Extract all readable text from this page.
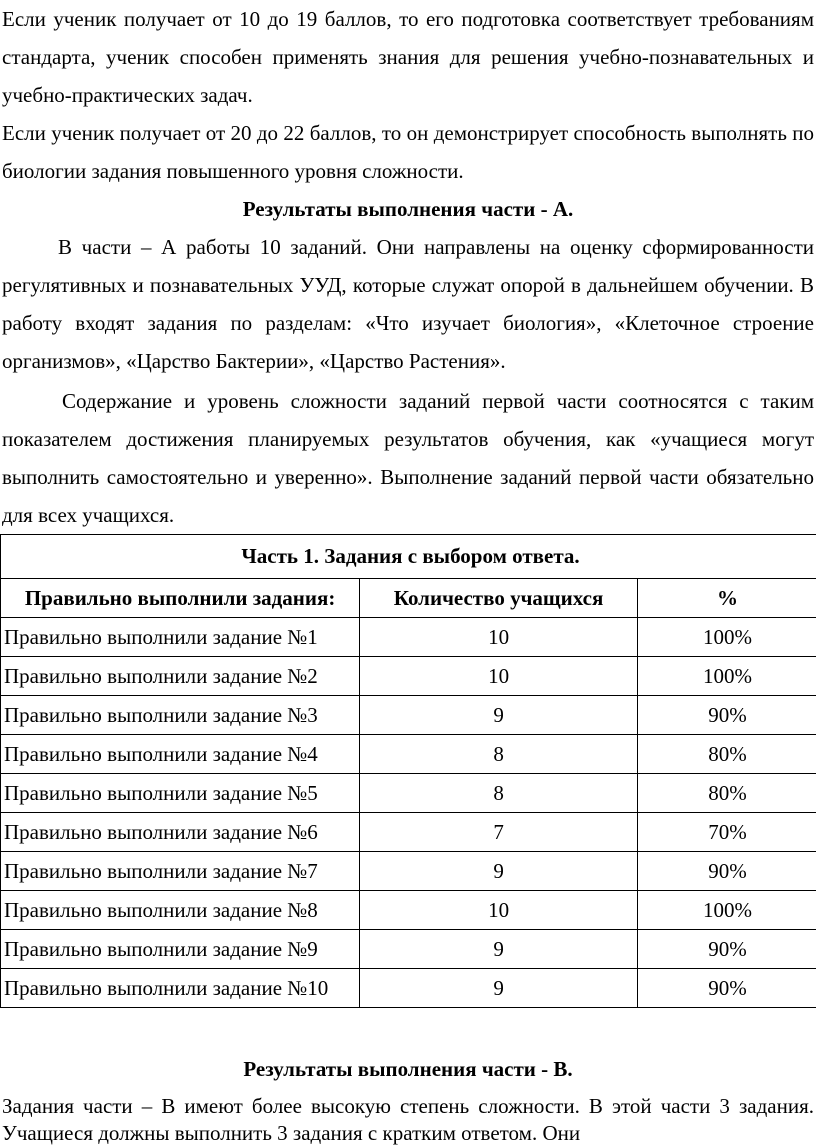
Если ученик получает от 10 до 19 баллов, то его подготовка соответствует требованиям стандарта, ученик способен применять знания для решения учебно-познавательных и учебно-практических задач.

Если ученик получает от 20 до 22 баллов, то он демонстрирует способность выполнять по биологии задания повышенного уровня сложности.

Результаты выполнения части - А.

В части – А работы 10 заданий. Они направлены на оценку сформированности регулятивных и познавательных УУД, которые служат опорой в дальнейшем обучении. В работу входят задания по разделам: «Что изучает биология», «Клеточное строение организмов», «Царство Бактерии», «Царство Растения».

Содержание и уровень сложности заданий первой части соотносятся с таким показателем достижения планируемых результатов обучения, как «учащиеся могут выполнить самостоятельно и уверенно». Выполнение заданий первой части обязательно для всех учащихся.

Часть 1. Задания с выбором ответа.		
Правильно выполнили задания:	Количество учащихся	%
Правильно выполнили задание №1	10	100%
Правильно выполнили задание №2	10	100%
Правильно выполнили задание №3	9	90%
Правильно выполнили задание №4	8	80%
Правильно выполнили задание №5	8	80%
Правильно выполнили задание №6	7	70%
Правильно выполнили задание №7	9	90%
Правильно выполнили задание №8	10	100%
Правильно выполнили задание №9	9	90%
Правильно выполнили задание №10	9	90%
Результаты выполнения части - В.

Задания части – В имеют более высокую степень сложности. В этой части 3 задания. Учащиеся должны выполнить 3 задания с кратким ответом. Они
